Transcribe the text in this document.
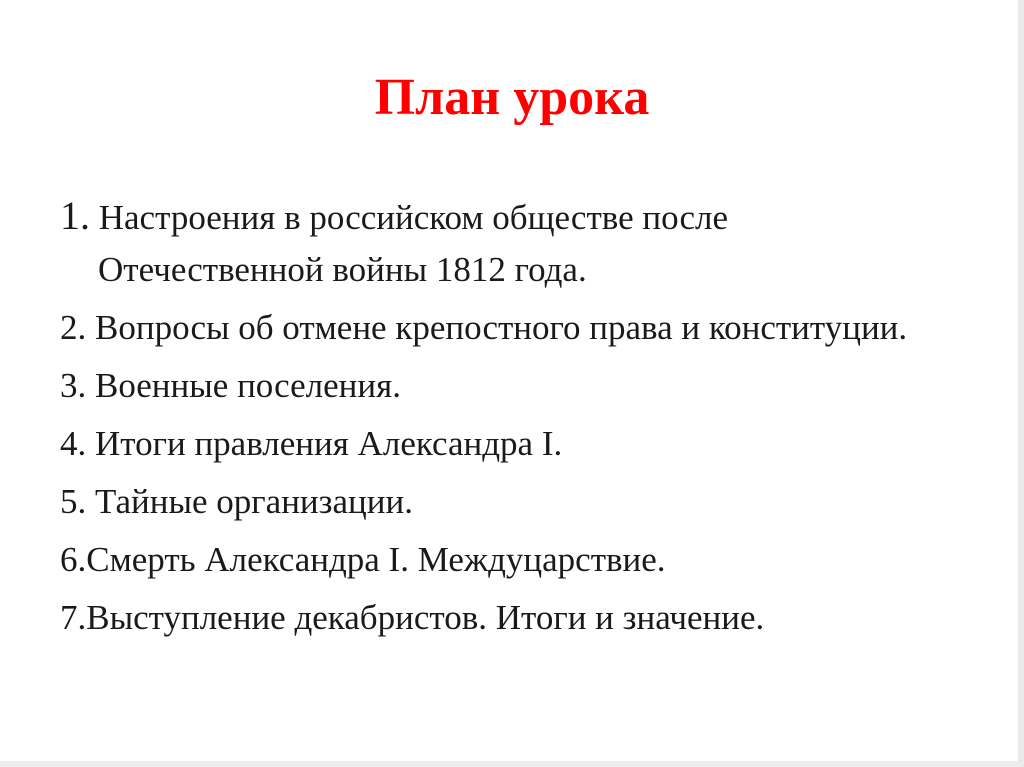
План урока
1. Настроения в российском обществе после Отечественной войны 1812 года.
2. Вопросы об отмене крепостного права и конституции.
3. Военные поселения.
4. Итоги правления Александра I.
5. Тайные организации.
6.Смерть Александра I. Междуцарствие.
7.Выступление декабристов. Итоги и значение.
